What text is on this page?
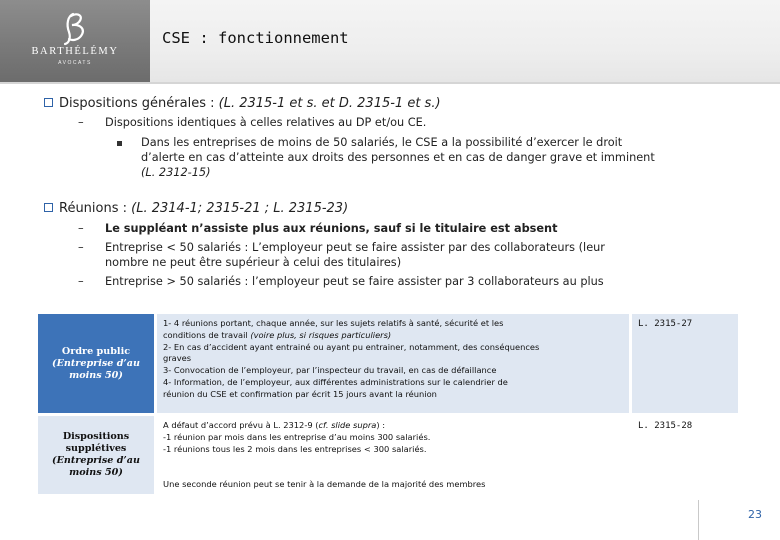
BARTHÉLÉMY
AVOCATS
CSE : fonctionnement
Dispositions générales : (L. 2315-1 et s. et D. 2315-1 et s.)
– Dispositions identiques à celles relatives au DP et/ou CE.
Dans les entreprises de moins de 50 salariés, le CSE a la possibilité d’exercer le droit
d’alerte en cas d’atteinte aux droits des personnes et en cas de danger grave et imminent
(L. 2312-15)
Réunions : (L. 2314-1; 2315-21 ; L. 2315-23)
– Le suppléant n’assiste plus aux réunions, sauf si le titulaire est absent
– Entreprise < 50 salariés : L’employeur peut se faire assister par des collaborateurs (leur
nombre ne peut être supérieur à celui des titulaires)
– Entreprise > 50 salariés : l’employeur peut se faire assister par 3 collaborateurs au plus
Ordre public
(Entreprise d’au moins 50)
1- 4 réunions portant, chaque année, sur les sujets relatifs à santé, sécurité et les
conditions de travail (voire plus, si risques particuliers)
2- En cas d’accident ayant entrainé ou ayant pu entrainer, notamment, des conséquences
graves
3- Convocation de l’employeur, par l’inspecteur du travail, en cas de défaillance
4- Information, de l’employeur, aux différentes administrations sur le calendrier de
réunion du CSE et confirmation par écrit 15 jours avant la réunion
L. 2315-27
Dispositions supplétives
(Entreprise d’au moins 50)
A défaut d’accord prévu à L. 2312-9 (cf. slide supra) :
-1 réunion par mois dans les entreprise d’au moins 300 salariés.
-1 réunions tous les 2 mois dans les entreprises < 300 salariés.
Une seconde réunion peut se tenir à la demande de la majorité des membres
L. 2315-28
23
